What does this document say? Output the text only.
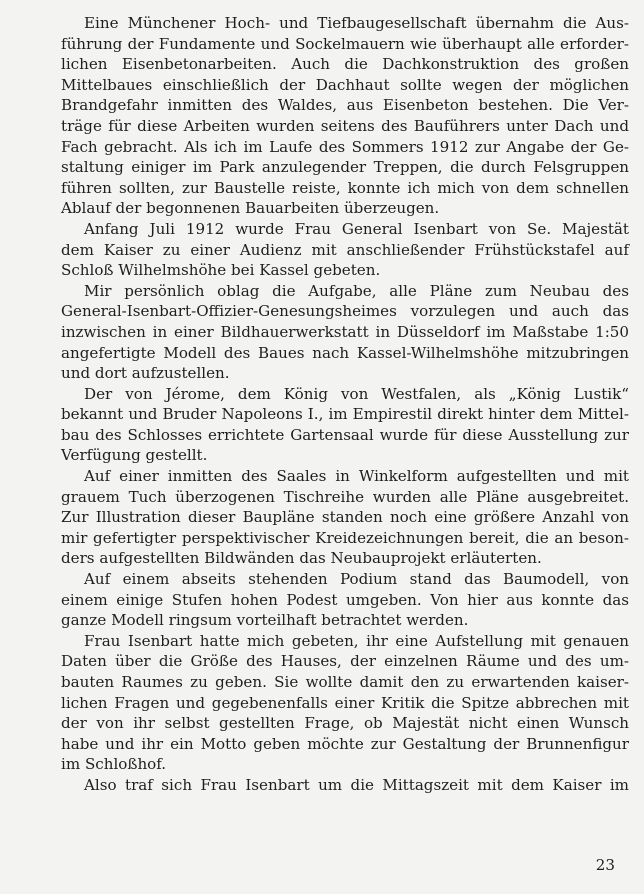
Eine Münchener Hoch- und Tiefbaugesellschaft übernahm die Aus-
führung der Fundamente und Sockelmauern wie überhaupt alle erforder-
lichen Eisenbetonarbeiten. Auch die Dachkonstruktion des großen
Mittelbaues einschließlich der Dachhaut sollte wegen der möglichen
Brandgefahr inmitten des Waldes, aus Eisenbeton bestehen. Die Ver-
träge für diese Arbeiten wurden seitens des Bauführers unter Dach und
Fach gebracht. Als ich im Laufe des Sommers 1912 zur Angabe der Ge-
staltung einiger im Park anzulegender Treppen, die durch Felsgruppen
führen sollten, zur Baustelle reiste, konnte ich mich von dem schnellen
Ablauf der begonnenen Bauarbeiten überzeugen.
Anfang Juli 1912 wurde Frau General Isenbart von Se. Majestät
dem Kaiser zu einer Audienz mit anschließender Frühstückstafel auf
Schloß Wilhelmshöhe bei Kassel gebeten.
Mir persönlich oblag die Aufgabe, alle Pläne zum Neubau des
General-Isenbart-Offizier-Genesungsheimes vorzulegen und auch das
inzwischen in einer Bildhauerwerkstatt in Düsseldorf im Maßstabe 1:50
angefertigte Modell des Baues nach Kassel-Wilhelmshöhe mitzubringen
und dort aufzustellen.
Der von Jérome, dem König von Westfalen, als „König Lustik“
bekannt und Bruder Napoleons I., im Empirestil direkt hinter dem Mittel-
bau des Schlosses errichtete Gartensaal wurde für diese Ausstellung zur
Verfügung gestellt.
Auf einer inmitten des Saales in Winkelform aufgestellten und mit
grauem Tuch überzogenen Tischreihe wurden alle Pläne ausgebreitet.
Zur Illustration dieser Baupläne standen noch eine größere Anzahl von
mir gefertigter perspektivischer Kreidezeichnungen bereit, die an beson-
ders aufgestellten Bildwänden das Neubauprojekt erläuterten.
Auf einem abseits stehenden Podium stand das Baumodell, von
einem einige Stufen hohen Podest umgeben. Von hier aus konnte das
ganze Modell ringsum vorteilhaft betrachtet werden.
Frau Isenbart hatte mich gebeten, ihr eine Aufstellung mit genauen
Daten über die Größe des Hauses, der einzelnen Räume und des um-
bauten Raumes zu geben. Sie wollte damit den zu erwartenden kaiser-
lichen Fragen und gegebenenfalls einer Kritik die Spitze abbrechen mit
der von ihr selbst gestellten Frage, ob Majestät nicht einen Wunsch
habe und ihr ein Motto geben möchte zur Gestaltung der Brunnenfigur
im Schloßhof.
Also traf sich Frau Isenbart um die Mittagszeit mit dem Kaiser im
23
